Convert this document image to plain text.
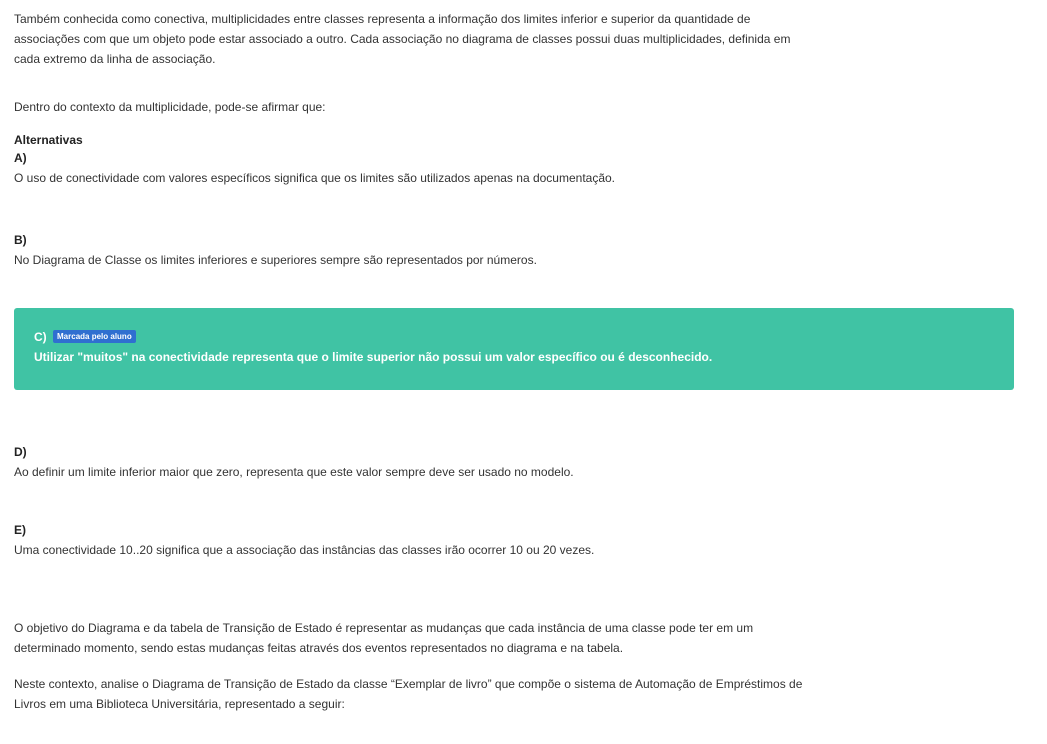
Também conhecida como conectiva, multiplicidades entre classes representa a informação dos limites inferior e superior da quantidade de
associações com que um objeto pode estar associado a outro. Cada associação no diagrama de classes possui duas multiplicidades, definida em
cada extremo da linha de associação.
Dentro do contexto da multiplicidade, pode-se afirmar que:
Alternativas
A)
O uso de conectividade com valores específicos significa que os limites são utilizados apenas na documentação.
B)
No Diagrama de Classe os limites inferiores e superiores sempre são representados por números.
C) Marcada pelo aluno
Utilizar "muitos" na conectividade representa que o limite superior não possui um valor específico ou é desconhecido.
D)
Ao definir um limite inferior maior que zero, representa que este valor sempre deve ser usado no modelo.
E)
Uma conectividade 10..20 significa que a associação das instâncias das classes irão ocorrer 10 ou 20 vezes.
O objetivo do Diagrama e da tabela de Transição de Estado é representar as mudanças que cada instância de uma classe pode ter em um
determinado momento, sendo estas mudanças feitas através dos eventos representados no diagrama e na tabela.
Neste contexto, analise o Diagrama de Transição de Estado da classe “Exemplar de livro” que compõe o sistema de Automação de Empréstimos de
Livros em uma Biblioteca Universitária, representado a seguir:
